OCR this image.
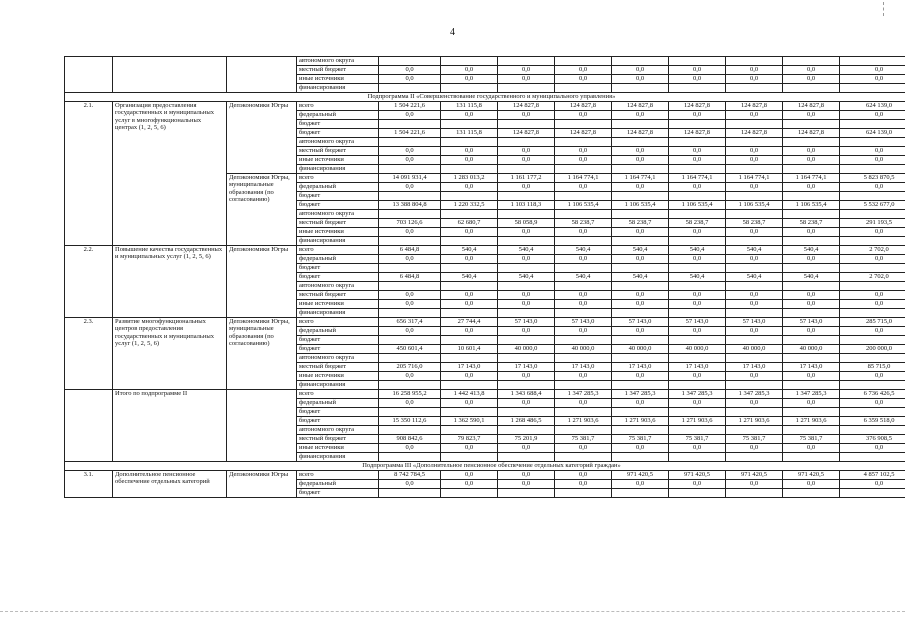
4
			автономного округа									
			местный бюджет	0,0	0,0	0,0	0,0	0,0	0,0	0,0	0,0	0,0
			иные источники	0,0	0,0	0,0	0,0	0,0	0,0	0,0	0,0	0,0
			финансирования									
Подпрограмма II «Совершенствование государственного и муниципального управления»												
2.1.	Организация предоставления государственных и муниципальных услуг в многофункциональных центрах (1, 2, 5, 6)	Депэкономики Югры	всего	1 504 221,6	131 115,8	124 827,8	124 827,8	124 827,8	124 827,8	124 827,8	124 827,8	624 139,0
			федеральный	0,0	0,0	0,0	0,0	0,0	0,0	0,0	0,0	0,0
			бюджет									
			бюджет	1 504 221,6	131 115,8	124 827,8	124 827,8	124 827,8	124 827,8	124 827,8	124 827,8	624 139,0
			автономного округа									
			местный бюджет	0,0	0,0	0,0	0,0	0,0	0,0	0,0	0,0	0,0
			иные источники	0,0	0,0	0,0	0,0	0,0	0,0	0,0	0,0	0,0
			финансирования									
		Депэкономики Югры, муниципальные образования (по согласованию)	всего	14 091 931,4	1 283 013,2	1 161 177,2	1 164 774,1	1 164 774,1	1 164 774,1	1 164 774,1	1 164 774,1	5 823 870,5
			федеральный	0,0	0,0	0,0	0,0	0,0	0,0	0,0	0,0	0,0
			бюджет									
			бюджет	13 388 804,8	1 220 332,5	1 103 118,3	1 106 535,4	1 106 535,4	1 106 535,4	1 106 535,4	1 106 535,4	5 532 677,0
			автономного округа									
			местный бюджет	703 126,6	62 680,7	58 058,9	58 238,7	58 238,7	58 238,7	58 238,7	58 238,7	291 193,5
			иные источники	0,0	0,0	0,0	0,0	0,0	0,0	0,0	0,0	0,0
			финансирования									
2.2.	Повышение качества государственных и муниципальных услуг (1, 2, 5, 6)	Депэкономики Югры	всего	6 484,8	540,4	540,4	540,4	540,4	540,4	540,4	540,4	2 702,0
			федеральный	0,0	0,0	0,0	0,0	0,0	0,0	0,0	0,0	0,0
			бюджет									
			бюджет	6 484,8	540,4	540,4	540,4	540,4	540,4	540,4	540,4	2 702,0
			автономного округа									
			местный бюджет	0,0	0,0	0,0	0,0	0,0	0,0	0,0	0,0	0,0
			иные источники	0,0	0,0	0,0	0,0	0,0	0,0	0,0	0,0	0,0
			финансирования									
2.3.	Развитие многофункциональных центров предоставления государственных и муниципальных услуг (1, 2, 5, 6)	Депэкономики Югры, муниципальные образования (по согласованию)	всего	656 317,4	27 744,4	57 143,0	57 143,0	57 143,0	57 143,0	57 143,0	57 143,0	285 715,0
			федеральный	0,0	0,0	0,0	0,0	0,0	0,0	0,0	0,0	0,0
			бюджет									
			бюджет	450 601,4	10 601,4	40 000,0	40 000,0	40 000,0	40 000,0	40 000,0	40 000,0	200 000,0
			автономного округа									
			местный бюджет	205 716,0	17 143,0	17 143,0	17 143,0	17 143,0	17 143,0	17 143,0	17 143,0	85 715,0
			иные источники	0,0	0,0	0,0	0,0	0,0	0,0	0,0	0,0	0,0
			финансирования									
	Итого по подпрограмме II		всего	16 258 955,2	1 442 413,8	1 343 688,4	1 347 285,3	1 347 285,3	1 347 285,3	1 347 285,3	1 347 285,3	6 736 426,5
			федеральный	0,0	0,0	0,0	0,0	0,0	0,0	0,0	0,0	0,0
			бюджет									
			бюджет	15 350 112,6	1 362 590,1	1 268 486,5	1 271 903,6	1 271 903,6	1 271 903,6	1 271 903,6	1 271 903,6	6 359 518,0
			автономного округа									
			местный бюджет	908 842,6	79 823,7	75 201,9	75 381,7	75 381,7	75 381,7	75 381,7	75 381,7	376 908,5
			иные источники	0,0	0,0	0,0	0,0	0,0	0,0	0,0	0,0	0,0
			финансирования									
Подпрограмма III «Дополнительное пенсионное обеспечение отдельных категорий граждан»												
3.1.	Дополнительное пенсионное обеспечение отдельных категорий	Депэкономики Югры	всего	8 742 784,5	0,0	0,0	0,0	971 420,5	971 420,5	971 420,5	971 420,5	4 857 102,5
			федеральный	0,0	0,0	0,0	0,0	0,0	0,0	0,0	0,0	0,0
			бюджет									
